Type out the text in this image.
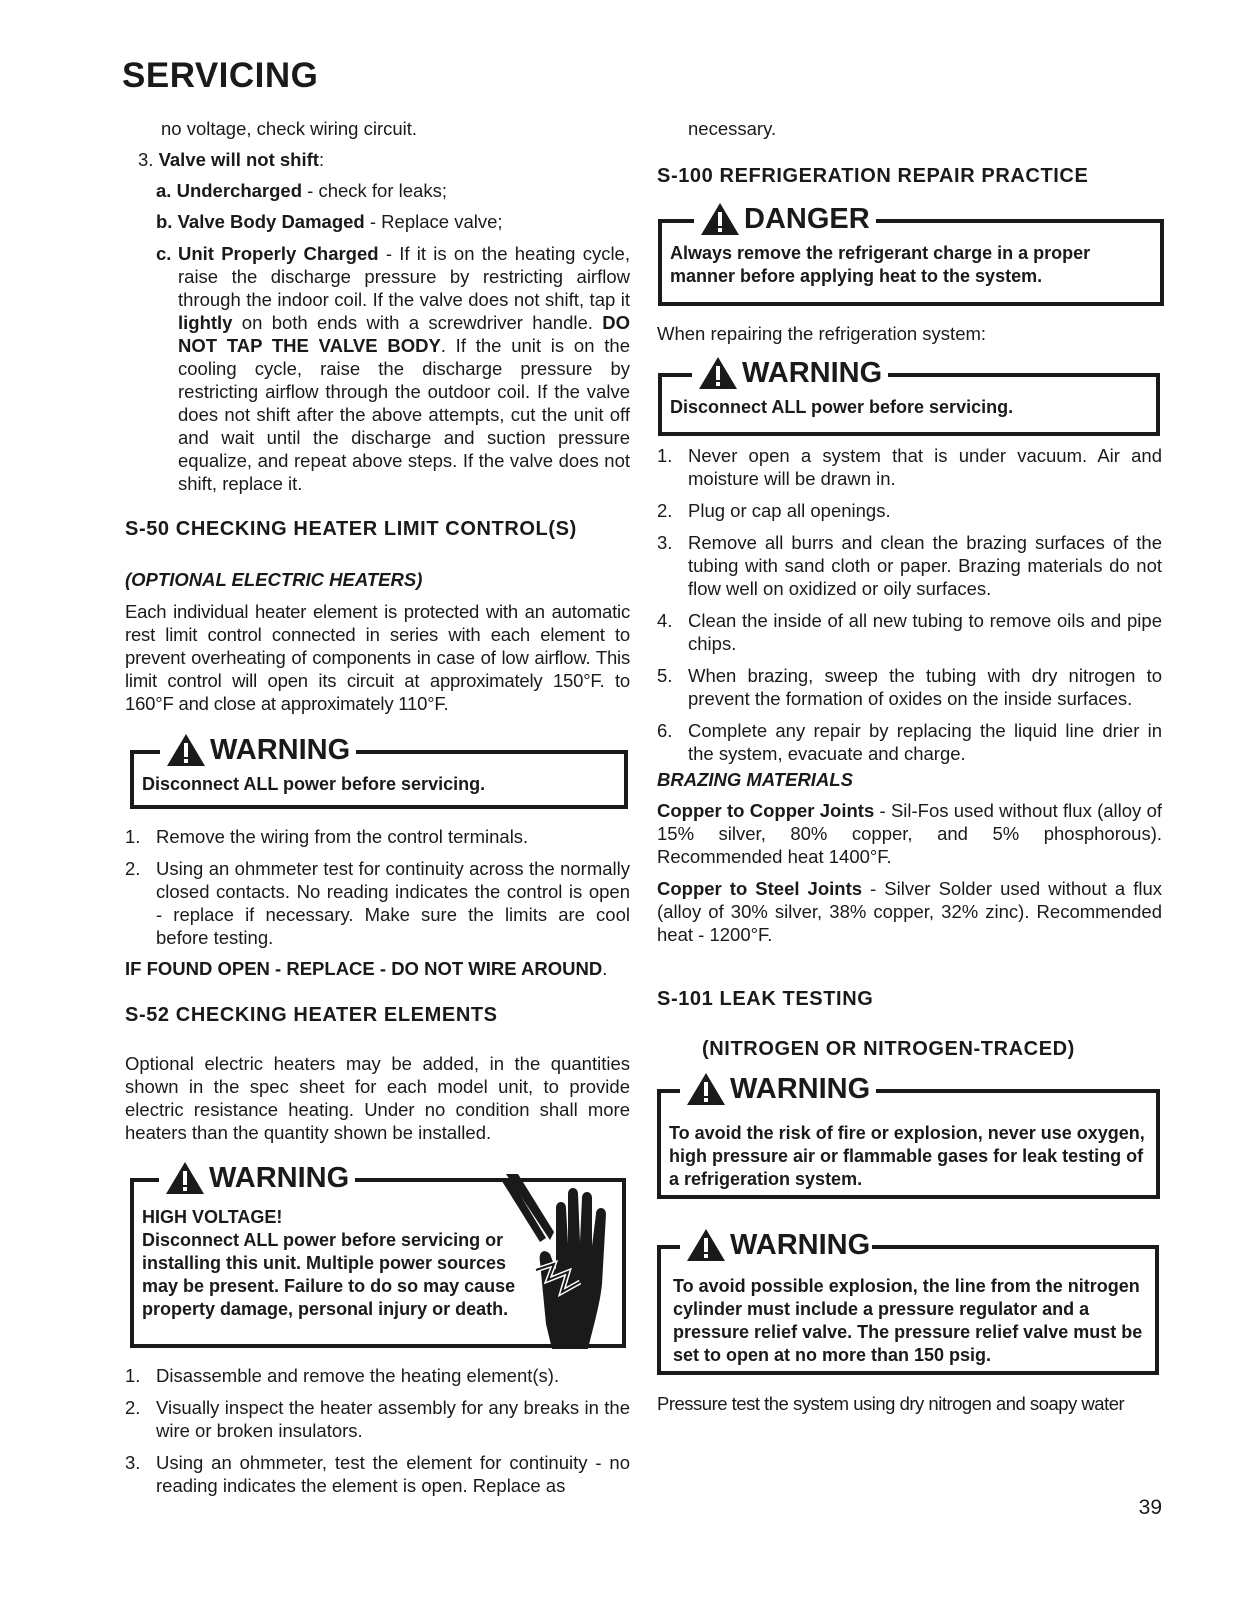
SERVICING
no voltage, check wiring circuit.
3. Valve will not shift:
a. Undercharged - check for leaks;
b. Valve Body Damaged - Replace valve;
c. Unit Properly Charged - If it is on the heating cycle, raise the discharge pressure by restricting airflow through the indoor coil. If the valve does not shift, tap it lightly on both ends with a screwdriver handle. DO NOT TAP THE VALVE BODY. If the unit is on the cooling cycle, raise the discharge pressure by restricting airflow through the outdoor coil. If the valve does not shift after the above attempts, cut the unit off and wait until the discharge and suction pressure equalize, and repeat above steps. If the valve does not shift, replace it.
S-50 CHECKING HEATER LIMIT CONTROL(S)
(OPTIONAL ELECTRIC HEATERS)

Each individual heater element is protected with an automatic rest limit control connected in series with each element to prevent overheating of components in case of low airflow. This limit control will open its circuit at approximately 150°F. to 160°F and close at approximately 110°F.

Disconnect ALL power before servicing.
WARNING
1. Remove the wiring from the control terminals.
2. Using an ohmmeter test for continuity across the normally closed contacts. No reading indicates the control is open - replace if necessary. Make sure the limits are cool before testing.
IF FOUND OPEN - REPLACE - DO NOT WIRE AROUND.
S-52 CHECKING HEATER ELEMENTS

Optional electric heaters may be added, in the quantities shown in the spec sheet for each model unit, to provide electric resistance heating. Under no condition shall more heaters than the quantity shown be installed.

HIGH VOLTAGE!
Disconnect ALL power before servicing or installing this unit. Multiple power sources may be present. Failure to do so may cause property damage, personal injury or death.
WARNING
1. Disassemble and remove the heating element(s).
2. Visually inspect the heater assembly for any breaks in the wire or broken insulators.
3. Using an ohmmeter, test the element for continuity - no reading indicates the element is open. Replace as
necessary.
S-100 REFRIGERATION REPAIR PRACTICE
Always remove the refrigerant charge in a proper manner before applying heat to the system.
DANGER
When repairing the refrigeration system:
Disconnect ALL power before servicing.
WARNING
1. Never open a system that is under vacuum. Air and moisture will be drawn in.
2. Plug or cap all openings.
3. Remove all burrs and clean the brazing surfaces of the tubing with sand cloth or paper. Brazing materials do not flow well on oxidized or oily surfaces.
4. Clean the inside of all new tubing to remove oils and pipe chips.
5. When brazing, sweep the tubing with dry nitrogen to prevent the formation of oxides on the inside surfaces.
6. Complete any repair by replacing the liquid line drier in the system, evacuate and charge.
BRAZING MATERIALS

Copper to Copper Joints - Sil-Fos used without flux (alloy of 15% silver, 80% copper, and 5% phosphorous). Recommended heat 1400°F.

Copper to Steel Joints - Silver Solder used without a flux (alloy of 30% silver, 38% copper, 32% zinc). Recommended heat - 1200°F.

S-101 LEAK TESTING
(NITROGEN OR NITROGEN-TRACED)
To avoid the risk of fire or explosion, never use oxygen, high pressure air or flammable gases for leak testing of a refrigeration system.
WARNING
To avoid possible explosion, the line from the nitrogen cylinder must include a pressure regulator and a pressure relief valve. The pressure relief valve must be set to open at no more than 150 psig.
WARNING
Pressure test the system using dry nitrogen and soapy water
39
